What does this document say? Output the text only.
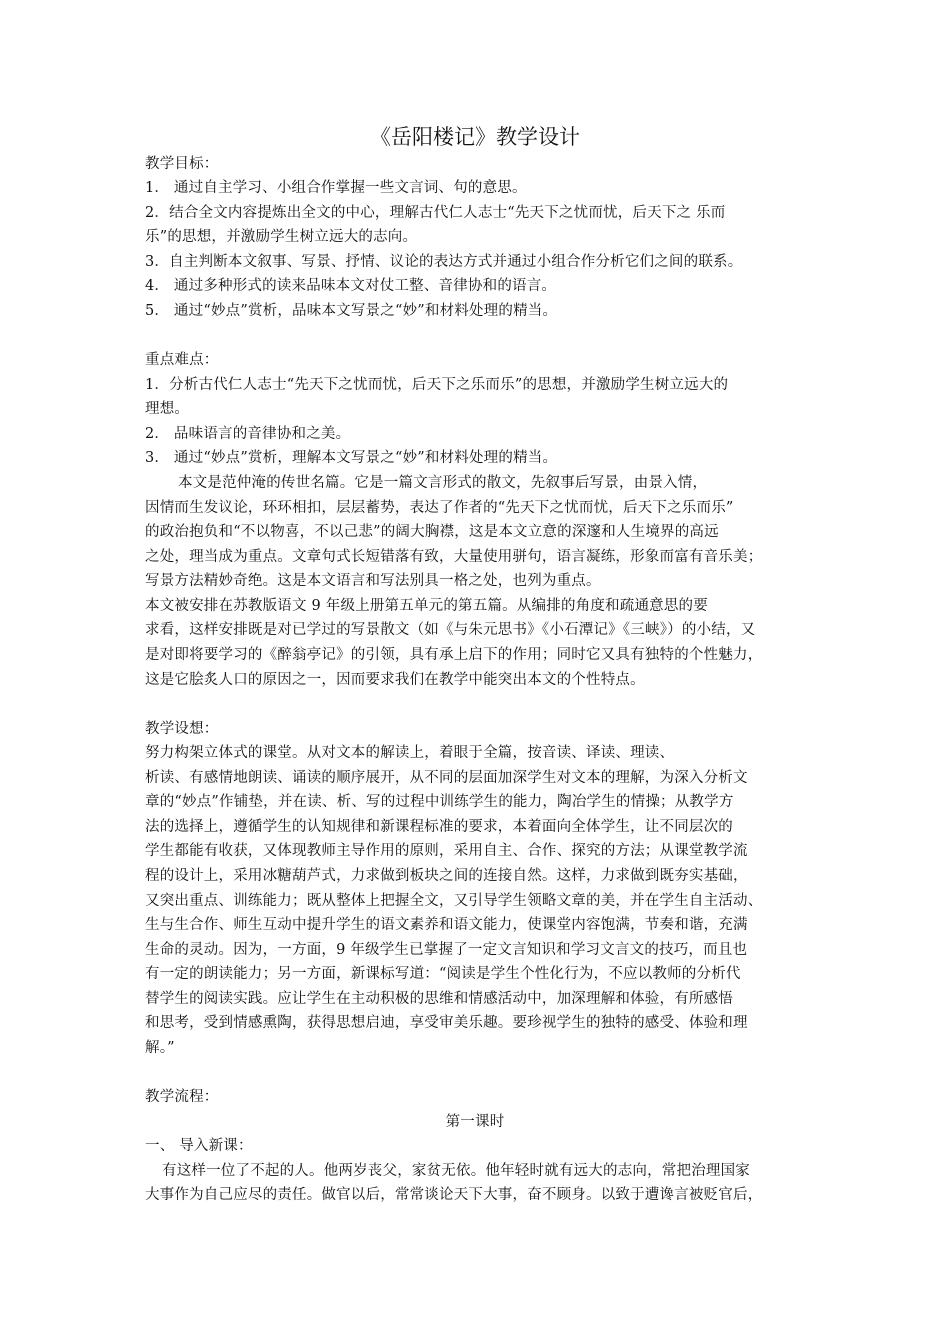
《岳阳楼记》教学设计
教学目标：
1． 通过自主学习、小组合作掌握一些文言词、句的意思。
2．结合全文内容提炼出全文的中心，理解古代仁人志士“先天下之忧而忧，后天下之 乐而
乐”的思想，并激励学生树立远大的志向。
3．自主判断本文叙事、写景、抒情、议论的表达方式并通过小组合作分析它们之间的联系。
4． 通过多种形式的读来品味本文对仗工整、音律协和的语言。
5． 通过“妙点”赏析，品味本文写景之“妙”和材料处理的精当。
重点难点：
1．分析古代仁人志士“先天下之忧而忧，后天下之乐而乐”的思想，并激励学生树立远大的
理想。
2． 品味语言的音律协和之美。
3． 通过“妙点”赏析，理解本文写景之“妙”和材料处理的精当。
本文是范仲淹的传世名篇。它是一篇文言形式的散文，先叙事后写景，由景入情，
因情而生发议论，环环相扣，层层蓄势，表达了作者的“先天下之忧而忧，后天下之乐而乐”
的政治抱负和“不以物喜，不以己悲”的阔大胸襟，这是本文立意的深邃和人生境界的高远
之处，理当成为重点。文章句式长短错落有致，大量使用骈句，语言凝练，形象而富有音乐美；
写景方法精妙奇绝。这是本文语言和写法别具一格之处，也列为重点。
本文被安排在苏教版语文 9 年级上册第五单元的第五篇。从编排的角度和疏通意思的要
求看，这样安排既是对已学过的写景散文（如《与朱元思书》《小石潭记》《三峡》）的小结，又
是对即将要学习的《醉翁亭记》的引领，具有承上启下的作用；同时它又具有独特的个性魅力，
这是它脍炙人口的原因之一，因而要求我们在教学中能突出本文的个性特点。
教学设想：
努力构架立体式的课堂。从对文本的解读上，着眼于全篇，按音读、译读、理读、
析读、有感情地朗读、诵读的顺序展开，从不同的层面加深学生对文本的理解，为深入分析文
章的“妙点”作铺垫，并在读、析、写的过程中训练学生的能力，陶冶学生的情操；从教学方
法的选择上，遵循学生的认知规律和新课程标准的要求，本着面向全体学生，让不同层次的
学生都能有收获，又体现教师主导作用的原则，采用自主、合作、探究的方法；从课堂教学流
程的设计上，采用冰糖葫芦式，力求做到板块之间的连接自然。这样，力求做到既夯实基础，
又突出重点、训练能力；既从整体上把握全文，又引导学生领略文章的美，并在学生自主活动、
生与生合作、师生互动中提升学生的语文素养和语文能力，使课堂内容饱满，节奏和谐，充满
生命的灵动。因为，一方面，9 年级学生已掌握了一定文言知识和学习文言文的技巧，而且也
有一定的朗读能力；另一方面，新课标写道：“阅读是学生个性化行为，不应以教师的分析代
替学生的阅读实践。应让学生在主动积极的思维和情感活动中，加深理解和体验，有所感悟
和思考，受到情感熏陶，获得思想启迪，享受审美乐趣。要珍视学生的独特的感受、体验和理
解。”
教学流程：
第一课时
一、 导入新课：
有这样一位了不起的人。他两岁丧父，家贫无依。他年轻时就有远大的志向，常把治理国家
大事作为自己应尽的责任。做官以后，常常谈论天下大事，奋不顾身。以致于遭谗言被贬官后，
